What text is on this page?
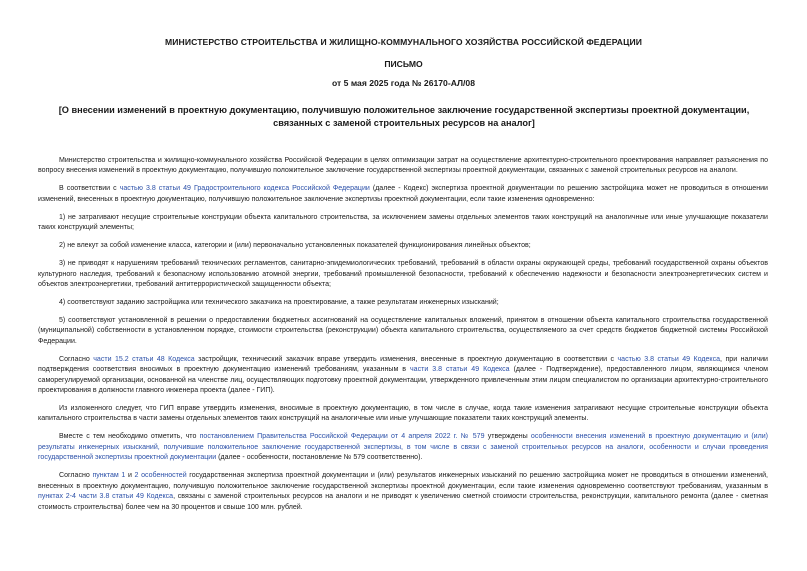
МИНИСТЕРСТВО СТРОИТЕЛЬСТВА И ЖИЛИЩНО-КОММУНАЛЬНОГО ХОЗЯЙСТВА РОССИЙСКОЙ ФЕДЕРАЦИИ
ПИСЬМО
от 5 мая 2025 года № 26170-АЛ/08
[О внесении изменений в проектную документацию, получившую положительное заключение государственной экспертизы проектной документации, связанных с заменой строительных ресурсов на аналог]

Министерство строительства и жилищно-коммунального хозяйства Российской Федерации в целях оптимизации затрат на осуществление архитектурно-строительного проектирования направляет разъяснения по вопросу внесения изменений в проектную документацию, получившую положительное заключение государственной экспертизы проектной документации, связанных с заменой строительных ресурсов на аналоги.

В соответствии с частью 3.8 статьи 49 Градостроительного кодекса Российской Федерации (далее - Кодекс) экспертиза проектной документации по решению застройщика может не проводиться в отношении изменений, внесенных в проектную документацию, получившую положительное заключение экспертизы проектной документации, если такие изменения одновременно:

1) не затрагивают несущие строительные конструкции объекта капитального строительства, за исключением замены отдельных элементов таких конструкций на аналогичные или иные улучшающие показатели таких конструкций элементы;

2) не влекут за собой изменение класса, категории и (или) первоначально установленных показателей функционирования линейных объектов;

3) не приводят к нарушениям требований технических регламентов, санитарно-эпидемиологических требований, требований в области охраны окружающей среды, требований государственной охраны объектов культурного наследия, требований к безопасному использованию атомной энергии, требований промышленной безопасности, требований к обеспечению надежности и безопасности электроэнергетических систем и объектов электроэнергетики, требований антитеррористической защищенности объекта;

4) соответствуют заданию застройщика или технического заказчика на проектирование, а также результатам инженерных изысканий;

5) соответствуют установленной в решении о предоставлении бюджетных ассигнований на осуществление капитальных вложений, принятом в отношении объекта капитального строительства государственной (муниципальной) собственности в установленном порядке, стоимости строительства (реконструкции) объекта капитального строительства, осуществляемого за счет средств бюджетов бюджетной системы Российской Федерации.

Согласно части 15.2 статьи 48 Кодекса застройщик, технический заказчик вправе утвердить изменения, внесенные в проектную документацию в соответствии с частью 3.8 статьи 49 Кодекса, при наличии подтверждения соответствия вносимых в проектную документацию изменений требованиям, указанным в части 3.8 статьи 49 Кодекса (далее - Подтверждение), предоставленного лицом, являющимся членом саморегулируемой организации, основанной на членстве лиц, осуществляющих подготовку проектной документации, утвержденного привлеченным этим лицом специалистом по организации архитектурно-строительного проектирования в должности главного инженера проекта (далее - ГИП).

Из изложенного следует, что ГИП вправе утвердить изменения, вносимые в проектную документацию, в том числе в случае, когда такие изменения затрагивают несущие строительные конструкции объекта капитального строительства в части замены отдельных элементов таких конструкций на аналогичные или иные улучшающие показатели таких конструкций элементы.

Вместе с тем необходимо отметить, что постановлением Правительства Российской Федерации от 4 апреля 2022 г. № 579 утверждены особенности внесения изменений в проектную документацию и (или) результаты инженерных изысканий, получившие положительное заключение государственной экспертизы, в том числе в связи с заменой строительных ресурсов на аналоги, особенности и случаи проведения государственной экспертизы проектной документации (далее - особенности, постановление № 579 соответственно).

Согласно пунктам 1 и 2 особенностей государственная экспертиза проектной документации и (или) результатов инженерных изысканий по решению застройщика может не проводиться в отношении изменений, внесенных в проектную документацию, получившую положительное заключение государственной экспертизы проектной документации, если такие изменения одновременно соответствуют требованиям, указанным в пунктах 2-4 части 3.8 статьи 49 Кодекса, связаны с заменой строительных ресурсов на аналоги и не приводят к увеличению сметной стоимости строительства, реконструкции, капитального ремонта (далее - сметная стоимость строительства) более чем на 30 процентов и свыше 100 млн. рублей.
